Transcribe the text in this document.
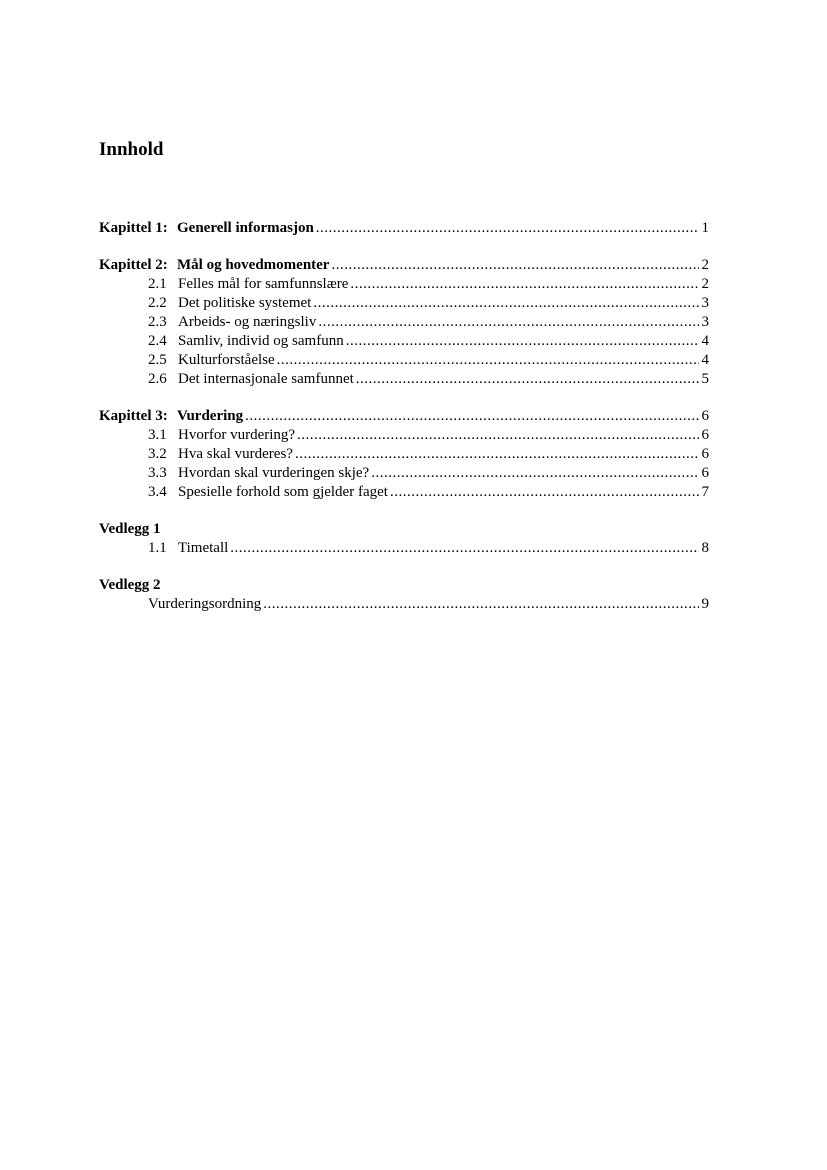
Innhold
Kapittel 1: Generell informasjon .....	1
Kapittel 2: Mål og hovedmomenter .....	2
2.1 Felles mål for samfunnslære .....	2
2.2 Det politiske systemet .....	3
2.3 Arbeids- og næringsliv .....	3
2.4 Samliv, individ og samfunn .....	4
2.5 Kulturforståelse .....	4
2.6 Det internasjonale samfunnet .....	5
Kapittel 3: Vurdering .....	6
3.1 Hvorfor vurdering? .....	6
3.2 Hva skal vurderes? .....	6
3.3 Hvordan skal vurderingen skje? .....	6
3.4 Spesielle forhold som gjelder faget .....	7
Vedlegg 1
1.1 Timetall .....	8
Vedlegg 2
Vurderingsordning .....	9
